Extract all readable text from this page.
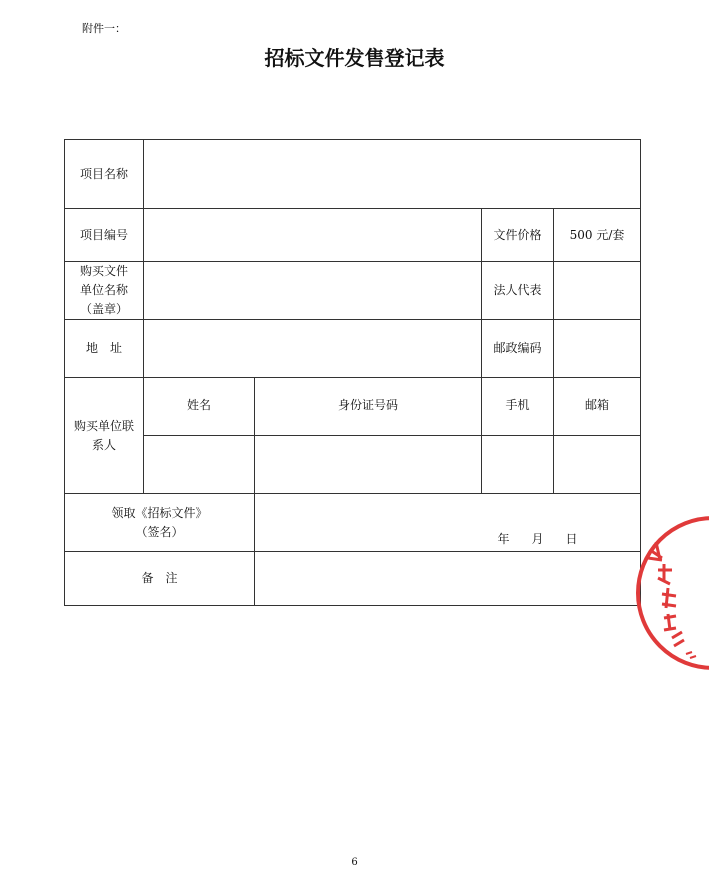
附件一：
招标文件发售登记表
项目名称				
项目编号			文件价格	500 元/套

购买文件
单位名称
（盖章）			法人代表	
地　址			邮政编码	

购买单位联
系人	姓名	身份证号码	手机	邮箱

领取《招标文件》
（签名）		年 月 日		
备　注				
6
